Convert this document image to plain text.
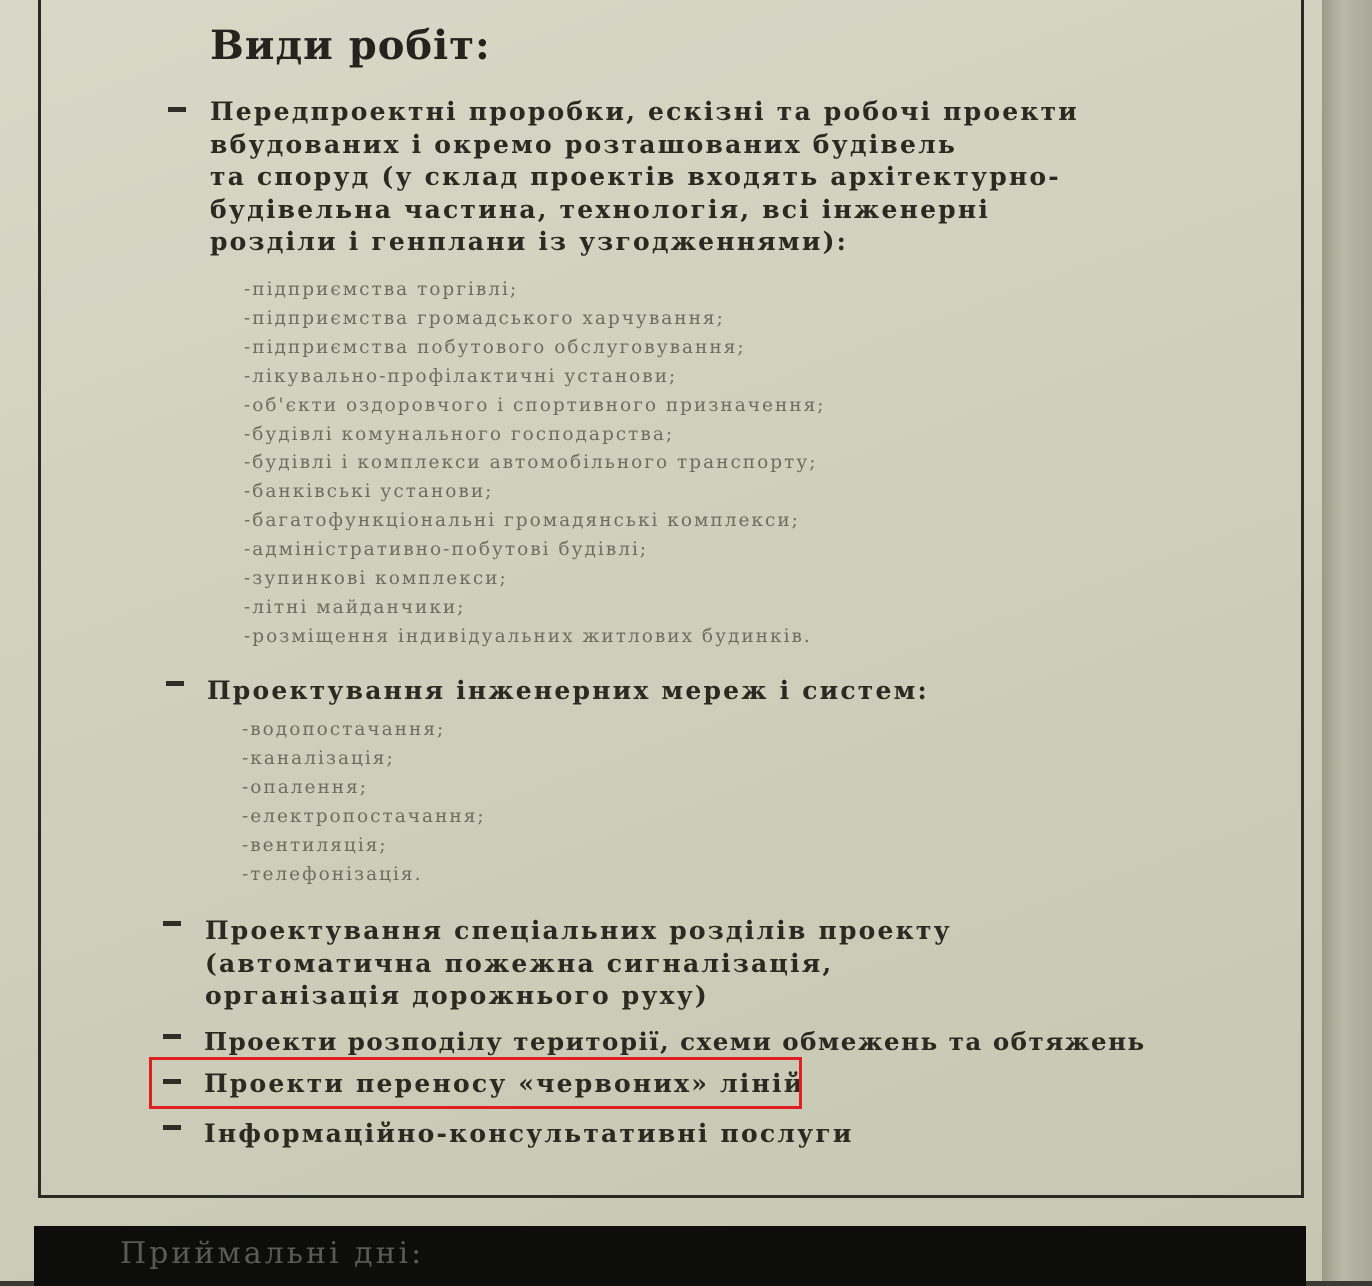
Види робіт:
Передпроектні проробки, ескізні та робочі проекти
вбудованих і окремо розташованих будівель
та споруд (у склад проектів входять архітектурно-
будівельна частина, технологія, всі інженерні
розділи і генплани із узгодженнями):
-підприємства торгівлі;
-підприємства громадського харчування;
-підприємства побутового обслуговування;
-лікувально-профілактичні установи;
-об'єкти оздоровчого і спортивного призначення;
-будівлі комунального господарства;
-будівлі і комплекси автомобільного транспорту;
-банківські установи;
-багатофункціональні громадянські комплекси;
-адміністративно-побутові будівлі;
-зупинкові комплекси;
-літні майданчики;
-розміщення індивідуальних житлових будинків.
Проектування інженерних мереж і систем:
-водопостачання;
-каналізація;
-опалення;
-електропостачання;
-вентиляція;
-телефонізація.
Проектування спеціальних розділів проекту
(автоматична пожежна сигналізація,
організація дорожнього руху)
Проекти розподілу території, схеми обмежень та обтяжень
Проекти переносу «червоних» ліній
Інформаційно-консультативні послуги
Приймальні дні:
